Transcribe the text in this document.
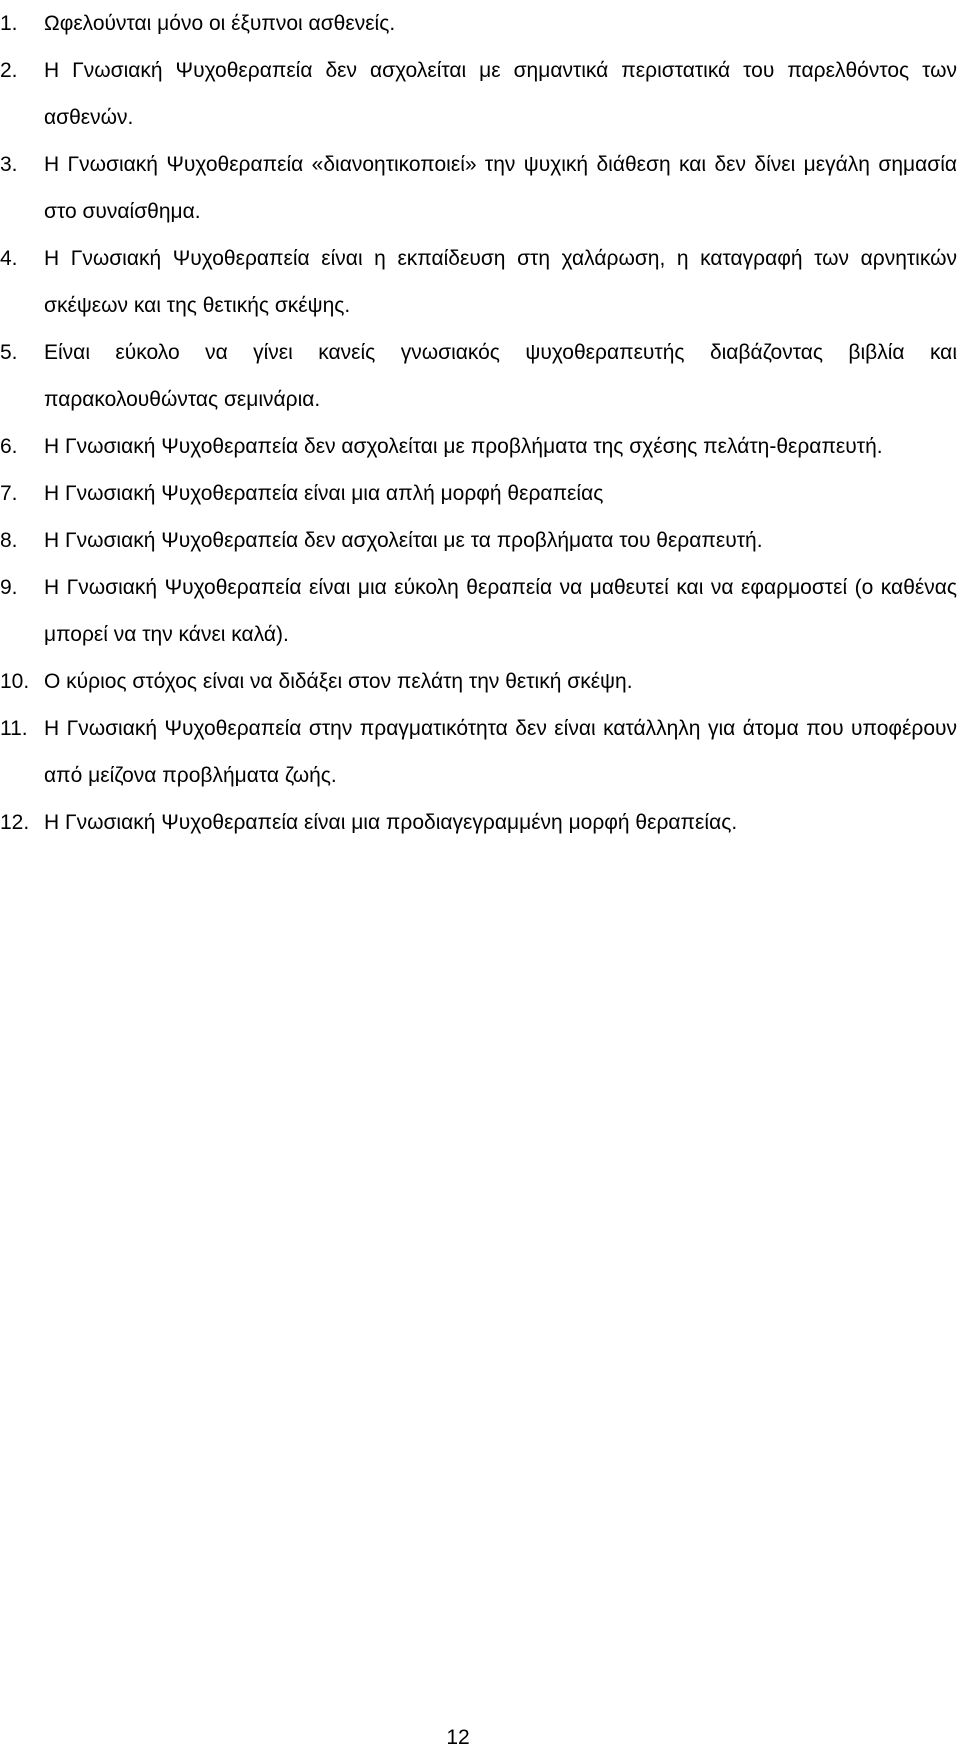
1. Ωφελούνται μόνο οι έξυπνοι ασθενείς.
2. Η Γνωσιακή Ψυχοθεραπεία δεν ασχολείται με σημαντικά περιστατικά του παρελθόντος των ασθενών.
3. Η Γνωσιακή Ψυχοθεραπεία «διανοητικοποιεί» την ψυχική διάθεση και δεν δίνει μεγάλη σημασία στο συναίσθημα.
4. Η Γνωσιακή Ψυχοθεραπεία είναι η εκπαίδευση στη χαλάρωση, η καταγραφή των αρνητικών σκέψεων και της θετικής σκέψης.
5. Είναι εύκολο να γίνει κανείς γνωσιακός ψυχοθεραπευτής διαβάζοντας βιβλία και παρακολουθώντας σεμινάρια.
6. Η Γνωσιακή Ψυχοθεραπεία δεν ασχολείται με προβλήματα της σχέσης πελάτη-θεραπευτή.
7. Η Γνωσιακή Ψυχοθεραπεία είναι μια απλή μορφή θεραπείας
8. Η Γνωσιακή Ψυχοθεραπεία δεν ασχολείται με τα προβλήματα του θεραπευτή.
9. Η Γνωσιακή Ψυχοθεραπεία είναι μια εύκολη θεραπεία να μαθευτεί και να εφαρμοστεί (ο καθένας μπορεί να την κάνει καλά).
10. Ο κύριος στόχος είναι να διδάξει στον πελάτη την θετική σκέψη.
11. Η Γνωσιακή Ψυχοθεραπεία στην πραγματικότητα δεν είναι κατάλληλη για άτομα που υποφέρουν από μείζονα προβλήματα ζωής.
12. Η Γνωσιακή Ψυχοθεραπεία είναι μια προδιαγεγραμμένη μορφή θεραπείας.
12
